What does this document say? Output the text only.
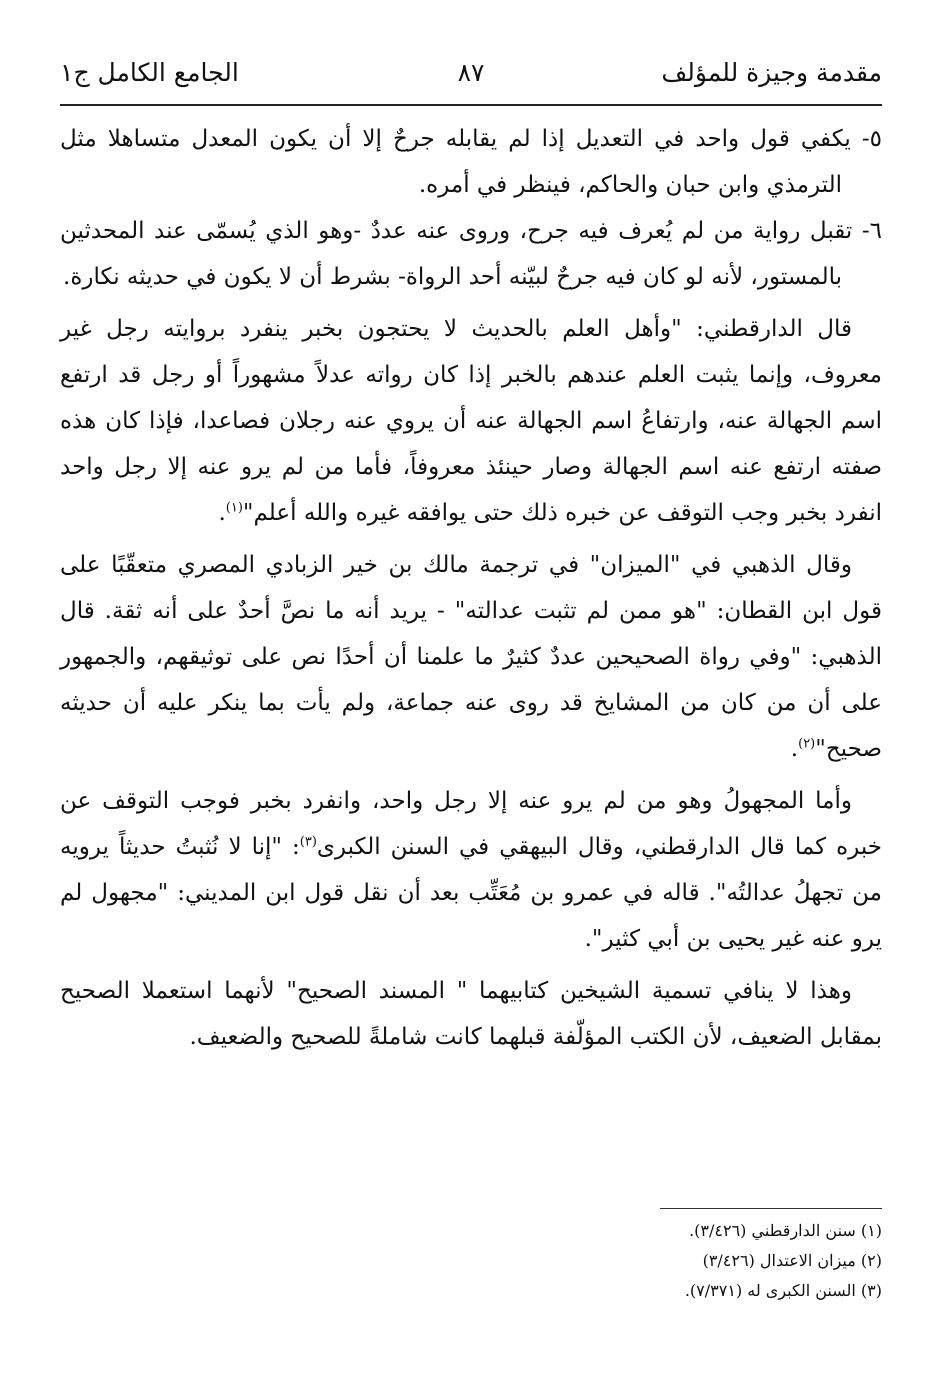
مقدمة وجيزة للمؤلف
٨٧
الجامع الكامل ج١

٥- يكفي قول واحد في التعديل إذا لم يقابله جرحٌ إلا أن يكون المعدل متساهلا مثل الترمذي وابن حبان والحاكم، فينظر في أمره.

٦- تقبل رواية من لم يُعرف فيه جرح، وروى عنه عددٌ -وهو الذي يُسمّى عند المحدثين بالمستور، لأنه لو كان فيه جرحٌ لبيّنه أحد الرواة- بشرط أن لا يكون في حديثه نكارة.

قال الدارقطني: "وأهل العلم بالحديث لا يحتجون بخبر ينفرد بروايته رجل غير معروف، وإنما يثبت العلم عندهم بالخبر إذا كان رواته عدلاً مشهوراً أو رجل قد ارتفع اسم الجهالة عنه، وارتفاعُ اسم الجهالة عنه أن يروي عنه رجلان فصاعدا، فإذا كان هذه صفته ارتفع عنه اسم الجهالة وصار حينئذ معروفاً، فأما من لم يرو عنه إلا رجل واحد انفرد بخبر وجب التوقف عن خبره ذلك حتى يوافقه غيره والله أعلم"$^{(١)}$.

وقال الذهبي في "الميزان" في ترجمة مالك بن خير الزبادي المصري متعقّبًا على قول ابن القطان: "هو ممن لم تثبت عدالته" - يريد أنه ما نصَّ أحدٌ على أنه ثقة. قال الذهبي: "وفي رواة الصحيحين عددٌ كثيرٌ ما علمنا أن أحدًا نص على توثيقهم، والجمهور على أن من كان من المشايخ قد روى عنه جماعة، ولم يأت بما ينكر عليه أن حديثه صحيح"$^{(٢)}$.

وأما المجهولُ وهو من لم يرو عنه إلا رجل واحد، وانفرد بخبر فوجب التوقف عن خبره كما قال الدارقطني، وقال البيهقي في السنن الكبرى$^{(٣)}$: "إنا لا نُثبتُ حديثاً يرويه من تجهلُ عدالتُه". قاله في عمرو بن مُعَتِّب بعد أن نقل قول ابن المديني: "مجهول لم يرو عنه غير يحيى بن أبي كثير".

وهذا لا ينافي تسمية الشيخين كتابيهما " المسند الصحيح" لأنهما استعملا الصحيح بمقابل الضعيف، لأن الكتب المؤلّفة قبلهما كانت شاملةً للصحيح والضعيف.

(١) سنن الدارقطني (٣/٤٢٦).

(٢) ميزان الاعتدال (٣/٤٢٦)

(٣) السنن الكبرى له (٧/٣٧١).
